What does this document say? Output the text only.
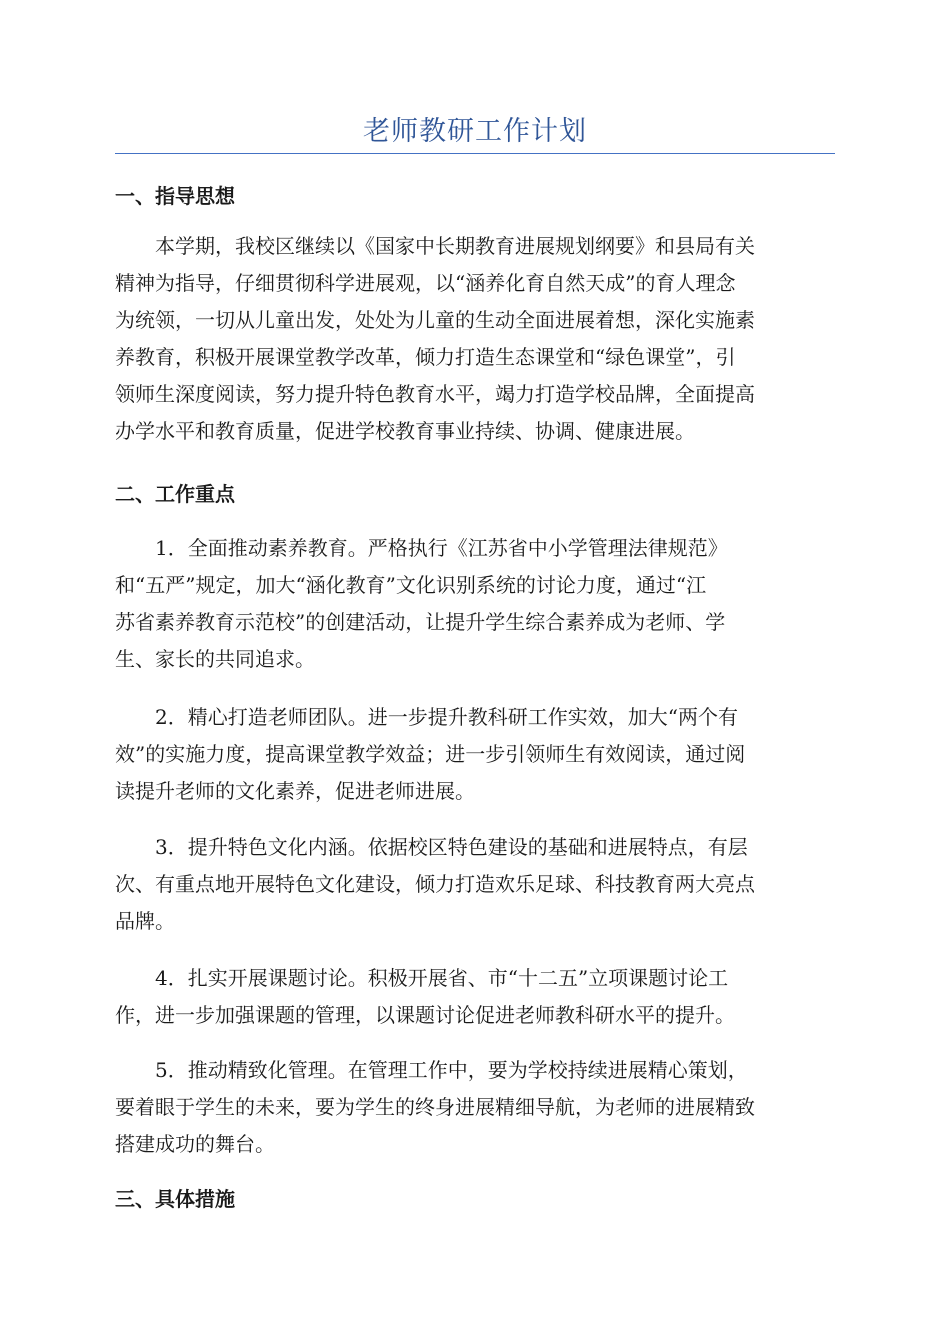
老师教研工作计划
一、指导思想
　　本学期，我校区继续以《国家中长期教育进展规划纲要》和县局有关
精神为指导，仔细贯彻科学进展观，以“涵养化育自然天成”的育人理念
为统领，一切从儿童出发，处处为儿童的生动全面进展着想，深化实施素
养教育，积极开展课堂教学改革，倾力打造生态课堂和“绿色课堂”，引
领师生深度阅读，努力提升特色教育水平，竭力打造学校品牌，全面提高
办学水平和教育质量，促进学校教育事业持续、协调、健康进展。
二、工作重点
　　1．全面推动素养教育。严格执行《江苏省中小学管理法律规范》
和“五严”规定，加大“涵化教育”文化识别系统的讨论力度，通过“江
苏省素养教育示范校”的创建活动，让提升学生综合素养成为老师、学
生、家长的共同追求。
　　2．精心打造老师团队。进一步提升教科研工作实效，加大“两个有
效”的实施力度，提高课堂教学效益；进一步引领师生有效阅读，通过阅
读提升老师的文化素养，促进老师进展。
　　3．提升特色文化内涵。依据校区特色建设的基础和进展特点，有层
次、有重点地开展特色文化建设，倾力打造欢乐足球、科技教育两大亮点
品牌。
　　4．扎实开展课题讨论。积极开展省、市“十二五”立项课题讨论工
作，进一步加强课题的管理，以课题讨论促进老师教科研水平的提升。
　　5．推动精致化管理。在管理工作中，要为学校持续进展精心策划，
要着眼于学生的未来，要为学生的终身进展精细导航，为老师的进展精致
搭建成功的舞台。
三、具体措施
